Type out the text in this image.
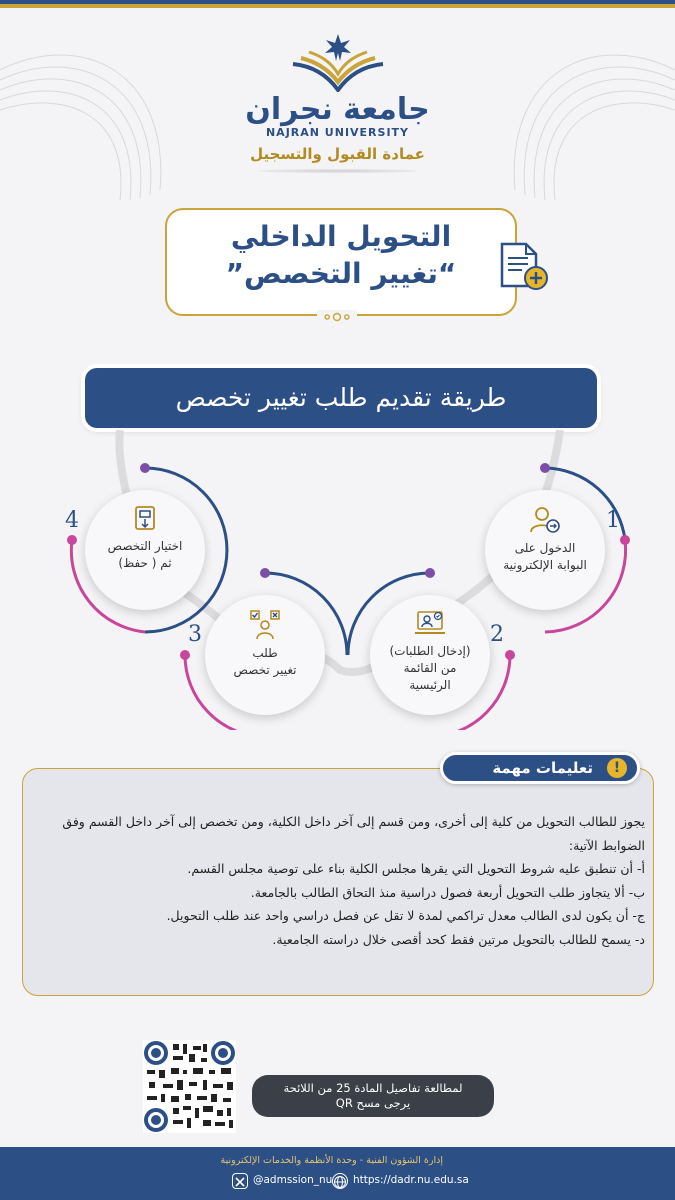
جامعة نجران
NAJRAN UNIVERSITY
عمادة القبول والتسجيل
التحويل الداخلي
“تغيير التخصص”
طريقة تقديم طلب تغيير تخصص
اختيار التخصص
ثم ( حفظ)
4
الدخول على
البوابة الإلكترونية
1
طلب
تغيير تخصص
3
(إدخال الطلبات)
من القائمة
الرئيسية
2
!
تعليمات مهمة
يجوز للطالب التحويل من كلية إلى أخرى، ومن قسم إلى آخر داخل الكلية، ومن تخصص إلى آخر داخل القسم وفق الضوابط الآتية:
أ- أن تنطبق عليه شروط التحويل التي يقرها مجلس الكلية بناء على توصية مجلس القسم.
ب- ألا يتجاوز طلب التحويل أربعة فصول دراسية منذ التحاق الطالب بالجامعة.
ج- أن يكون لدى الطالب معدل تراكمي لمدة لا تقل عن فصل دراسي واحد عند طلب التحويل.
د- يسمح للطالب بالتحويل مرتين فقط كحد أقصى خلال دراسته الجامعية.
لمطالعة تفاصيل المادة 25 من اللائحة
يرجى مسح QR
إدارة الشؤون الفنية - وحدة الأنظمة والخدمات الإلكترونية
@admssion_nu https://dadr.nu.edu.sa
